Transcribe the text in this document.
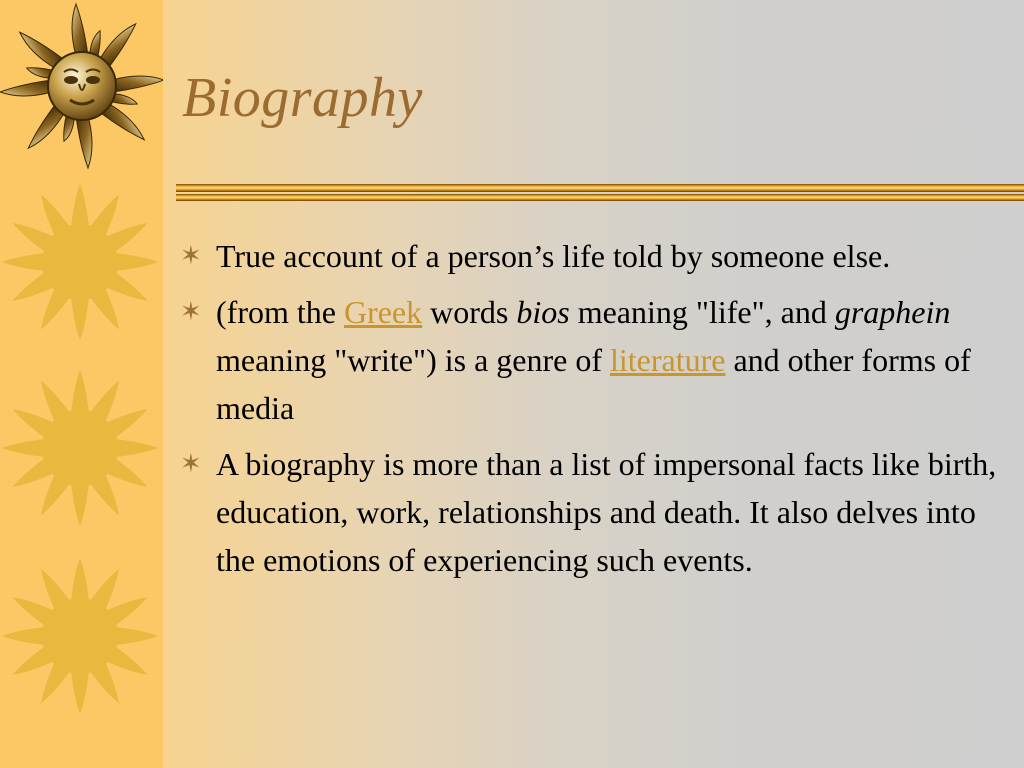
Biography
✶ True account of a person’s life told by someone else.
✶ (from the Greek words bios meaning "life", and graphein meaning "write") is a genre of literature and other forms of media
✶ A biography is more than a list of impersonal facts like birth, education, work, relationships and death. It also delves into the emotions of experiencing such events.
